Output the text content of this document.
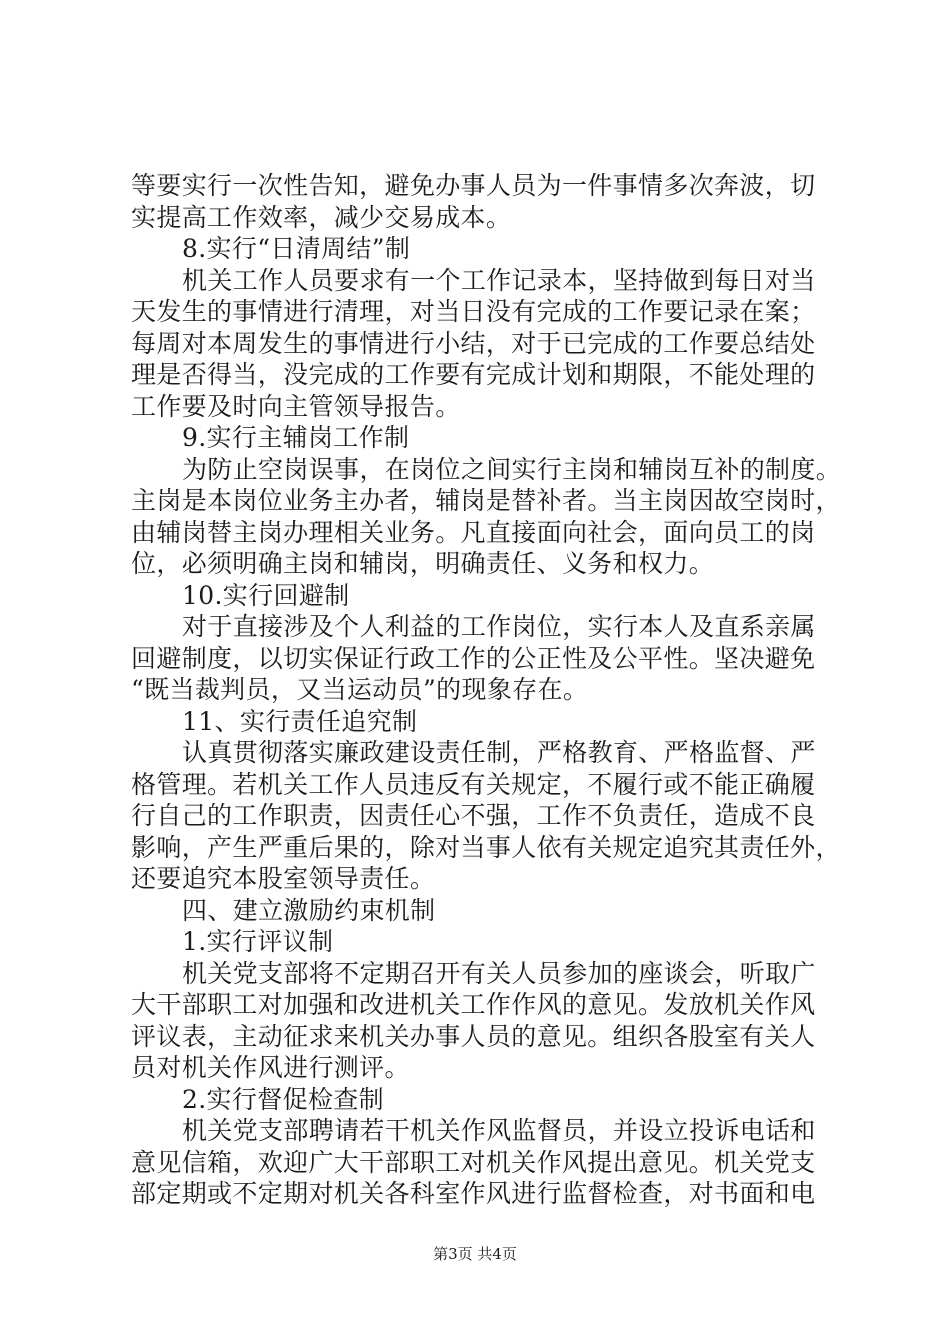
等要实行一次性告知，避免办事人员为一件事情多次奔波，切
实提高工作效率，减少交易成本。
8.实行“日清周结”制
机关工作人员要求有一个工作记录本，坚持做到每日对当
天发生的事情进行清理，对当日没有完成的工作要记录在案；
每周对本周发生的事情进行小结，对于已完成的工作要总结处
理是否得当，没完成的工作要有完成计划和期限，不能处理的
工作要及时向主管领导报告。
9.实行主辅岗工作制
为防止空岗误事，在岗位之间实行主岗和辅岗互补的制度。
主岗是本岗位业务主办者，辅岗是替补者。当主岗因故空岗时，
由辅岗替主岗办理相关业务。凡直接面向社会，面向员工的岗
位，必须明确主岗和辅岗，明确责任、义务和权力。
10.实行回避制
对于直接涉及个人利益的工作岗位，实行本人及直系亲属
回避制度，以切实保证行政工作的公正性及公平性。坚决避免
“既当裁判员，又当运动员”的现象存在。
11、实行责任追究制
认真贯彻落实廉政建设责任制，严格教育、严格监督、严
格管理。若机关工作人员违反有关规定，不履行或不能正确履
行自己的工作职责，因责任心不强，工作不负责任，造成不良
影响，产生严重后果的，除对当事人依有关规定追究其责任外，
还要追究本股室领导责任。
四、建立激励约束机制
1.实行评议制
机关党支部将不定期召开有关人员参加的座谈会，听取广
大干部职工对加强和改进机关工作作风的意见。发放机关作风
评议表，主动征求来机关办事人员的意见。组织各股室有关人
员对机关作风进行测评。
2.实行督促检查制
机关党支部聘请若干机关作风监督员，并设立投诉电话和
意见信箱，欢迎广大干部职工对机关作风提出意见。机关党支
部定期或不定期对机关各科室作风进行监督检查，对书面和电
第3页 共4页
